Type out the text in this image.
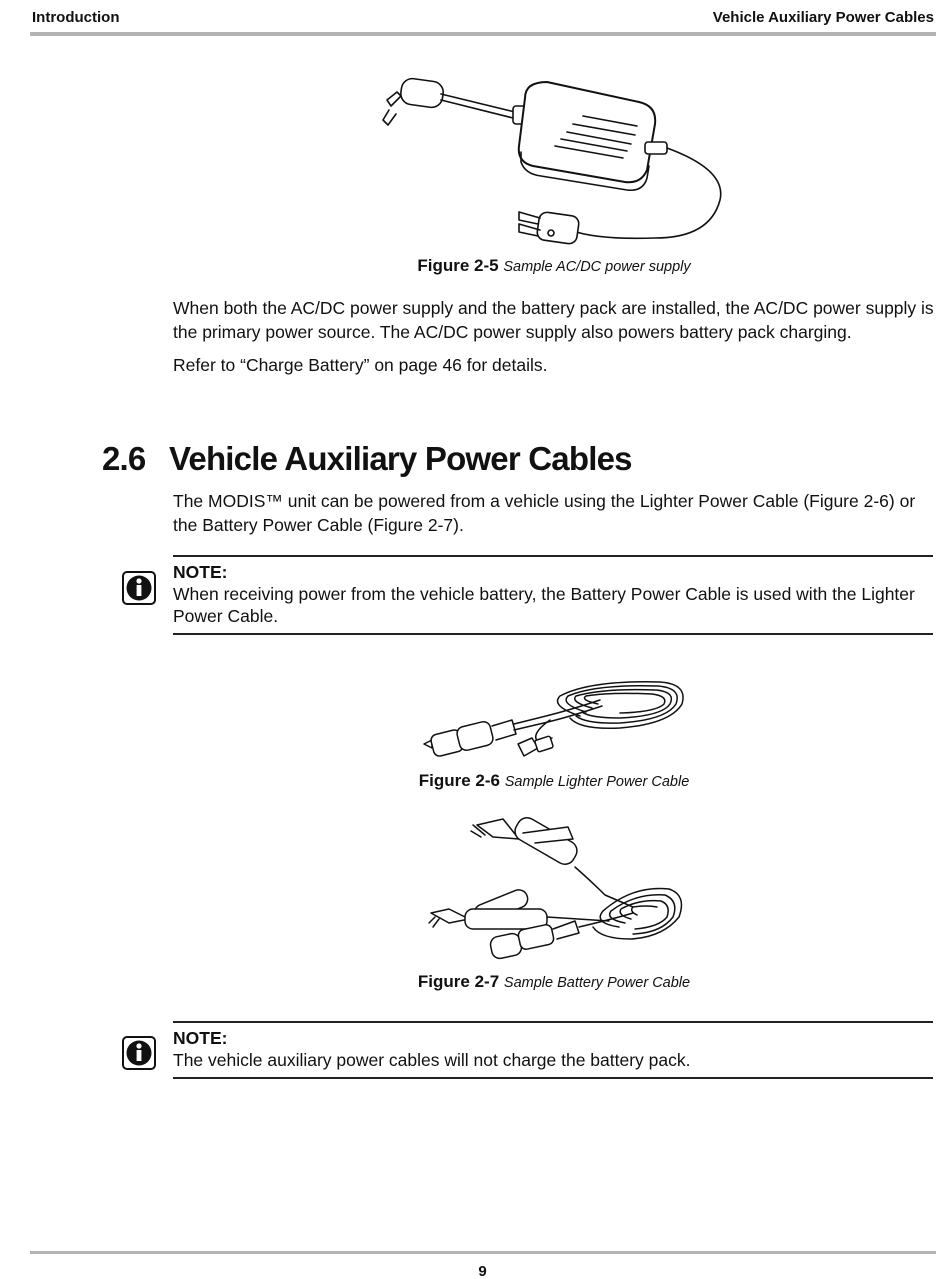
Introduction	Vehicle Auxiliary Power Cables
Figure 2-5 Sample AC/DC power supply
When both the AC/DC power supply and the battery pack are installed, the AC/DC power supply is the primary power source. The AC/DC power supply also powers battery pack charging.
Refer to “Charge Battery” on page 46 for details.
2.6 Vehicle Auxiliary Power Cables
The MODIS™ unit can be powered from a vehicle using the Lighter Power Cable (Figure 2-6) or the Battery Power Cable (Figure 2-7).
NOTE:
When receiving power from the vehicle battery, the Battery Power Cable is used with the Lighter Power Cable.
Figure 2-6 Sample Lighter Power Cable
Figure 2-7 Sample Battery Power Cable
NOTE:
The vehicle auxiliary power cables will not charge the battery pack.
9
